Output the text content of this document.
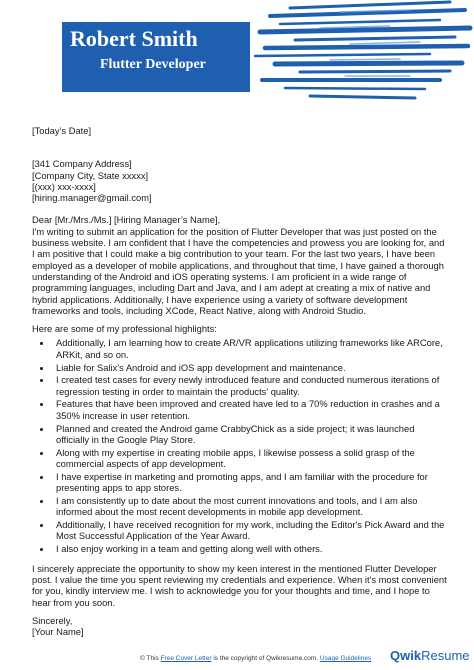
Robert Smith
Flutter Developer

[Today’s Date]

[341 Company Address]

[Company City, State xxxxx]

[(xxx) xxx-xxxx]

[hiring.manager@gmail.com]

Dear [Mr./Mrs./Ms.] [Hiring Manager’s Name],

I'm writing to submit an application for the position of Flutter Developer that was just posted on the business website. I am confident that I have the competencies and prowess you are looking for, and I am positive that I could make a big contribution to your team. For the last two years, I have been employed as a developer of mobile applications, and throughout that time, I have gained a thorough understanding of the Android and iOS operating systems. I am proficient in a wide range of programming languages, including Dart and Java, and I am adept at creating a mix of native and hybrid applications. Additionally, I have experience using a variety of software development frameworks and tools, including XCode, React Native, along with Android Studio.

Here are some of my professional highlights:

• Additionally, I am learning how to create AR/VR applications utilizing frameworks like ARCore, ARKit, and so on.
• Liable for Salix's Android and iOS app development and maintenance.
• I created test cases for every newly introduced feature and conducted numerous iterations of regression testing in order to maintain the products' quality.
• Features that have been improved and created have led to a 70% reduction in crashes and a 350% increase in user retention.
• Planned and created the Android game CrabbyChick as a side project; it was launched officially in the Google Play Store.
• Along with my expertise in creating mobile apps, I likewise possess a solid grasp of the commercial aspects of app development.
• I have expertise in marketing and promoting apps, and I am familiar with the procedure for presenting apps to app stores.
• I am consistently up to date about the most current innovations and tools, and I am also informed about the most recent developments in mobile app development.
• Additionally, I have received recognition for my work, including the Editor's Pick Award and the Most Successful Application of the Year Award.
• I also enjoy working in a team and getting along well with others.

I sincerely appreciate the opportunity to show my keen interest in the mentioned Flutter Developer post. I value the time you spent reviewing my credentials and experience. When it's most convenient for you, kindly interview me. I wish to acknowledge you for your thoughts and time, and I hope to hear from you soon.

Sincerely,

[Your Name]

© This Free Cover Letter is the copyright of Qwikresume.com. Usage Guidelines QwikResume
